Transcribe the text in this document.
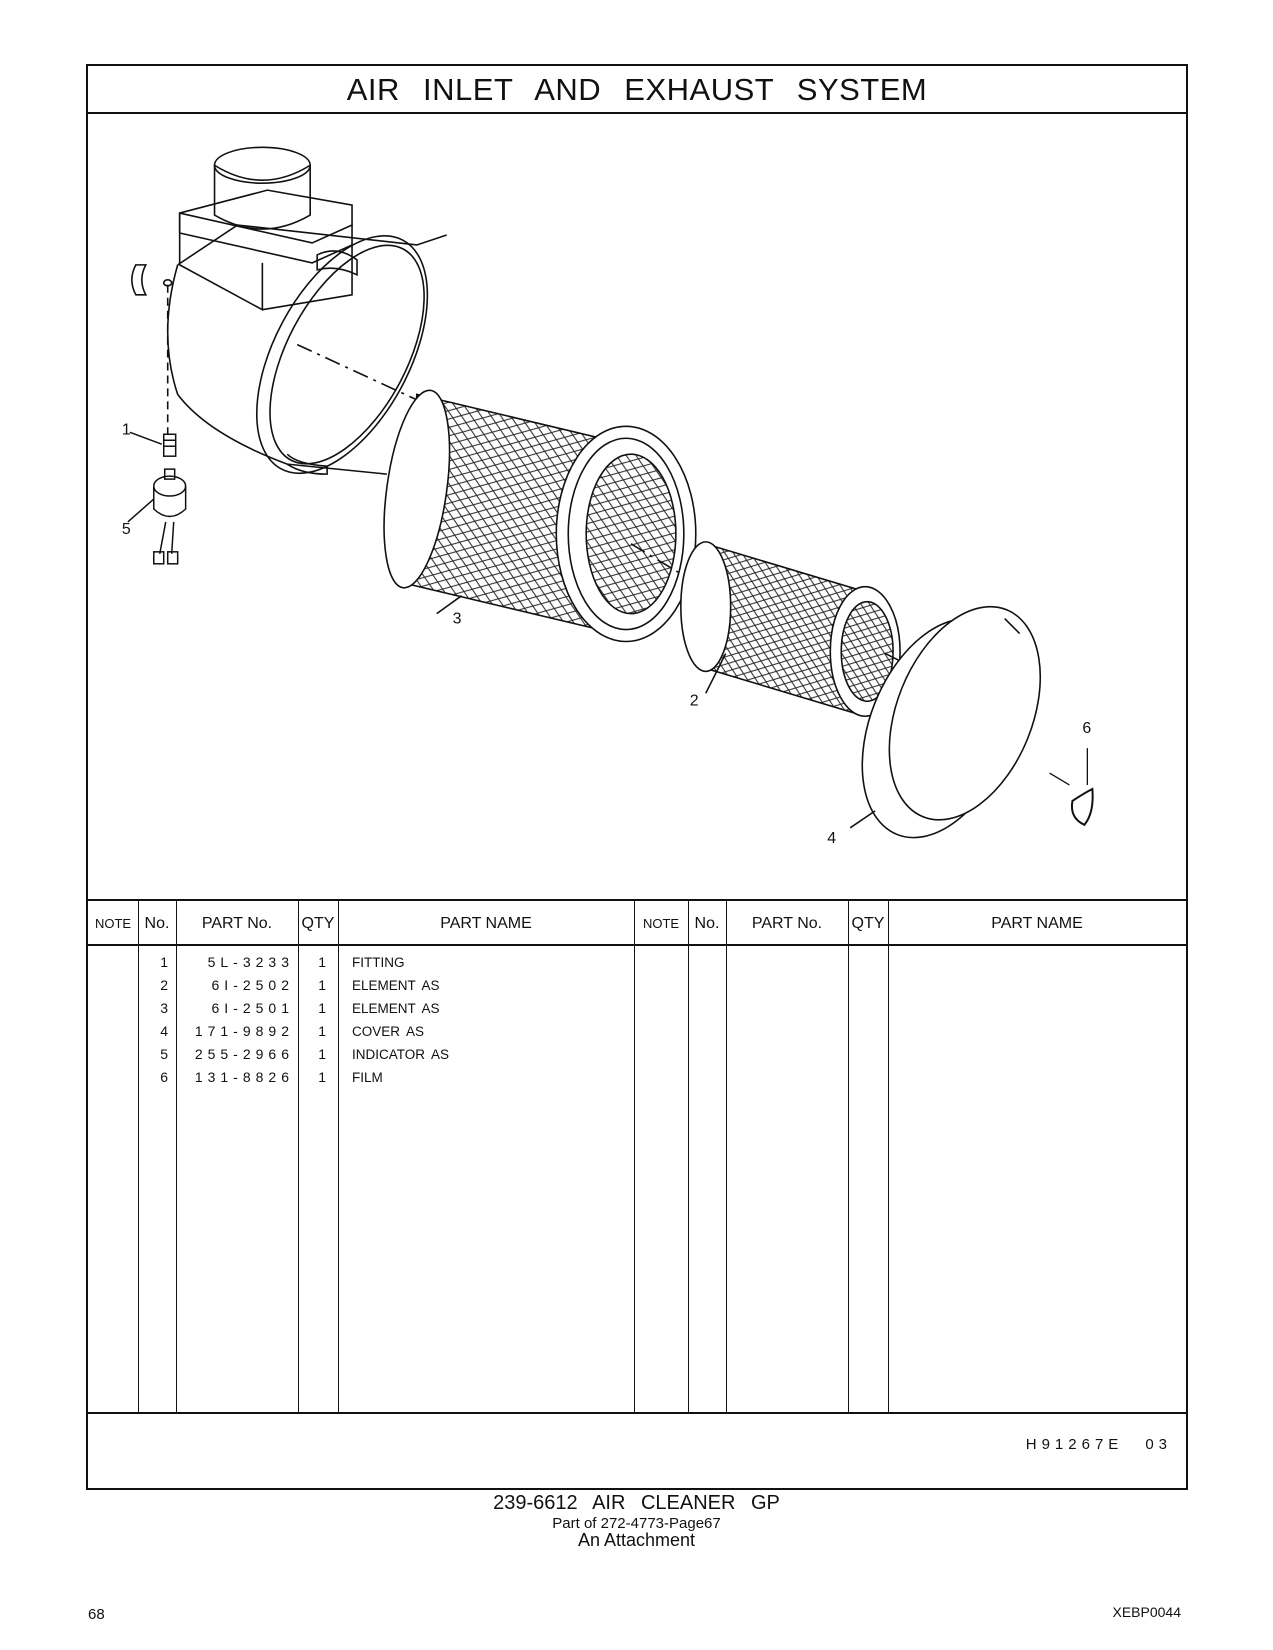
AIR INLET AND EXHAUST SYSTEM
1
2
3
4
5
6
NOTE No.	PART No.	QTY	PART NAME	NOTE No.	PART No.	QTY	PART NAME
1	5L-3233	1 FITTING
2	6I-2502	1 ELEMENT AS
3	6I-2501	1 ELEMENT AS
4	171-9892	1 COVER AS
5	255-2966	1 INDICATOR AS
6	131-8826	1 FILM
H91267E 03
239-6612 AIR CLEANER GP
Part of 272-4773-Page67
An Attachment
68	XEBP0044
